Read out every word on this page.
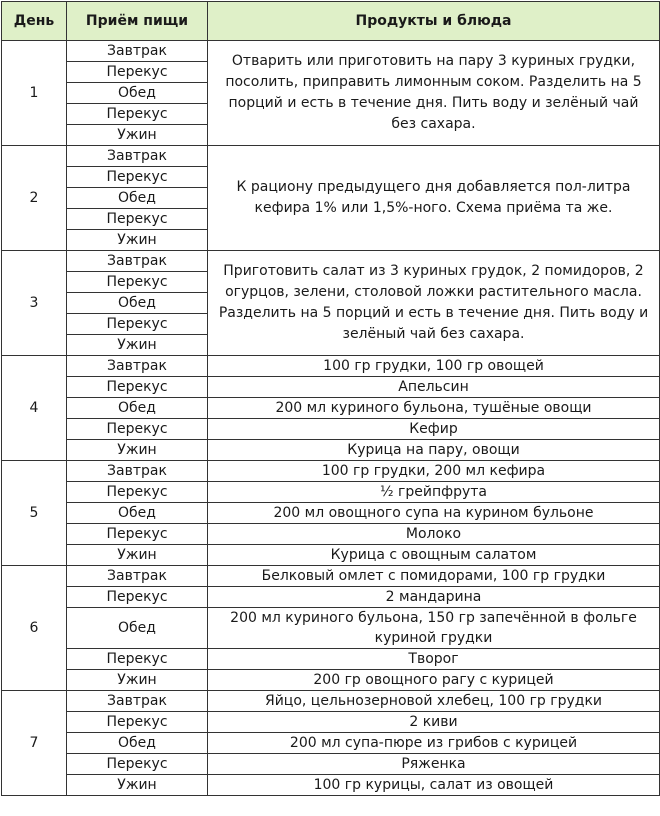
День	Приём пищи	Продукты и блюда
1	Завтрак	Отварить или приготовить на пару 3 куриных грудки, посолить, приправить лимонным соком. Разделить на 5 порций и есть в течение дня. Пить воду и зелёный чай без сахара.
	Перекус	
	Обед	
	Перекус	
	Ужин	
2	Завтрак	К рациону предыдущего дня добавляется пол-литра кефира 1% или 1,5%-ного. Схема приёма та же.
	Перекус	
	Обед	
	Перекус	
	Ужин	
3	Завтрак	Приготовить салат из 3 куриных грудок, 2 помидоров, 2 огурцов, зелени, столовой ложки растительного масла. Разделить на 5 порций и есть в течение дня. Пить воду и зелёный чай без сахара.
	Перекус	
	Обед	
	Перекус	
	Ужин	
4	Завтрак	100 гр грудки, 100 гр овощей
	Перекус	Апельсин
	Обед	200 мл куриного бульона, тушёные овощи
	Перекус	Кефир
	Ужин	Курица на пару, овощи
5	Завтрак	100 гр грудки, 200 мл кефира
	Перекус	½ грейпфрута
	Обед	200 мл овощного супа на курином бульоне
	Перекус	Молоко
	Ужин	Курица с овощным салатом
6	Завтрак	Белковый омлет с помидорами, 100 гр грудки
	Перекус	2 мандарина
	Обед	200 мл куриного бульона, 150 гр запечённой в фольге куриной грудки
	Перекус	Творог
	Ужин	200 гр овощного рагу с курицей
7	Завтрак	Яйцо, цельнозерновой хлебец, 100 гр грудки
	Перекус	2 киви
	Обед	200 мл супа-пюре из грибов с курицей
	Перекус	Ряженка
	Ужин	100 гр курицы, салат из овощей
